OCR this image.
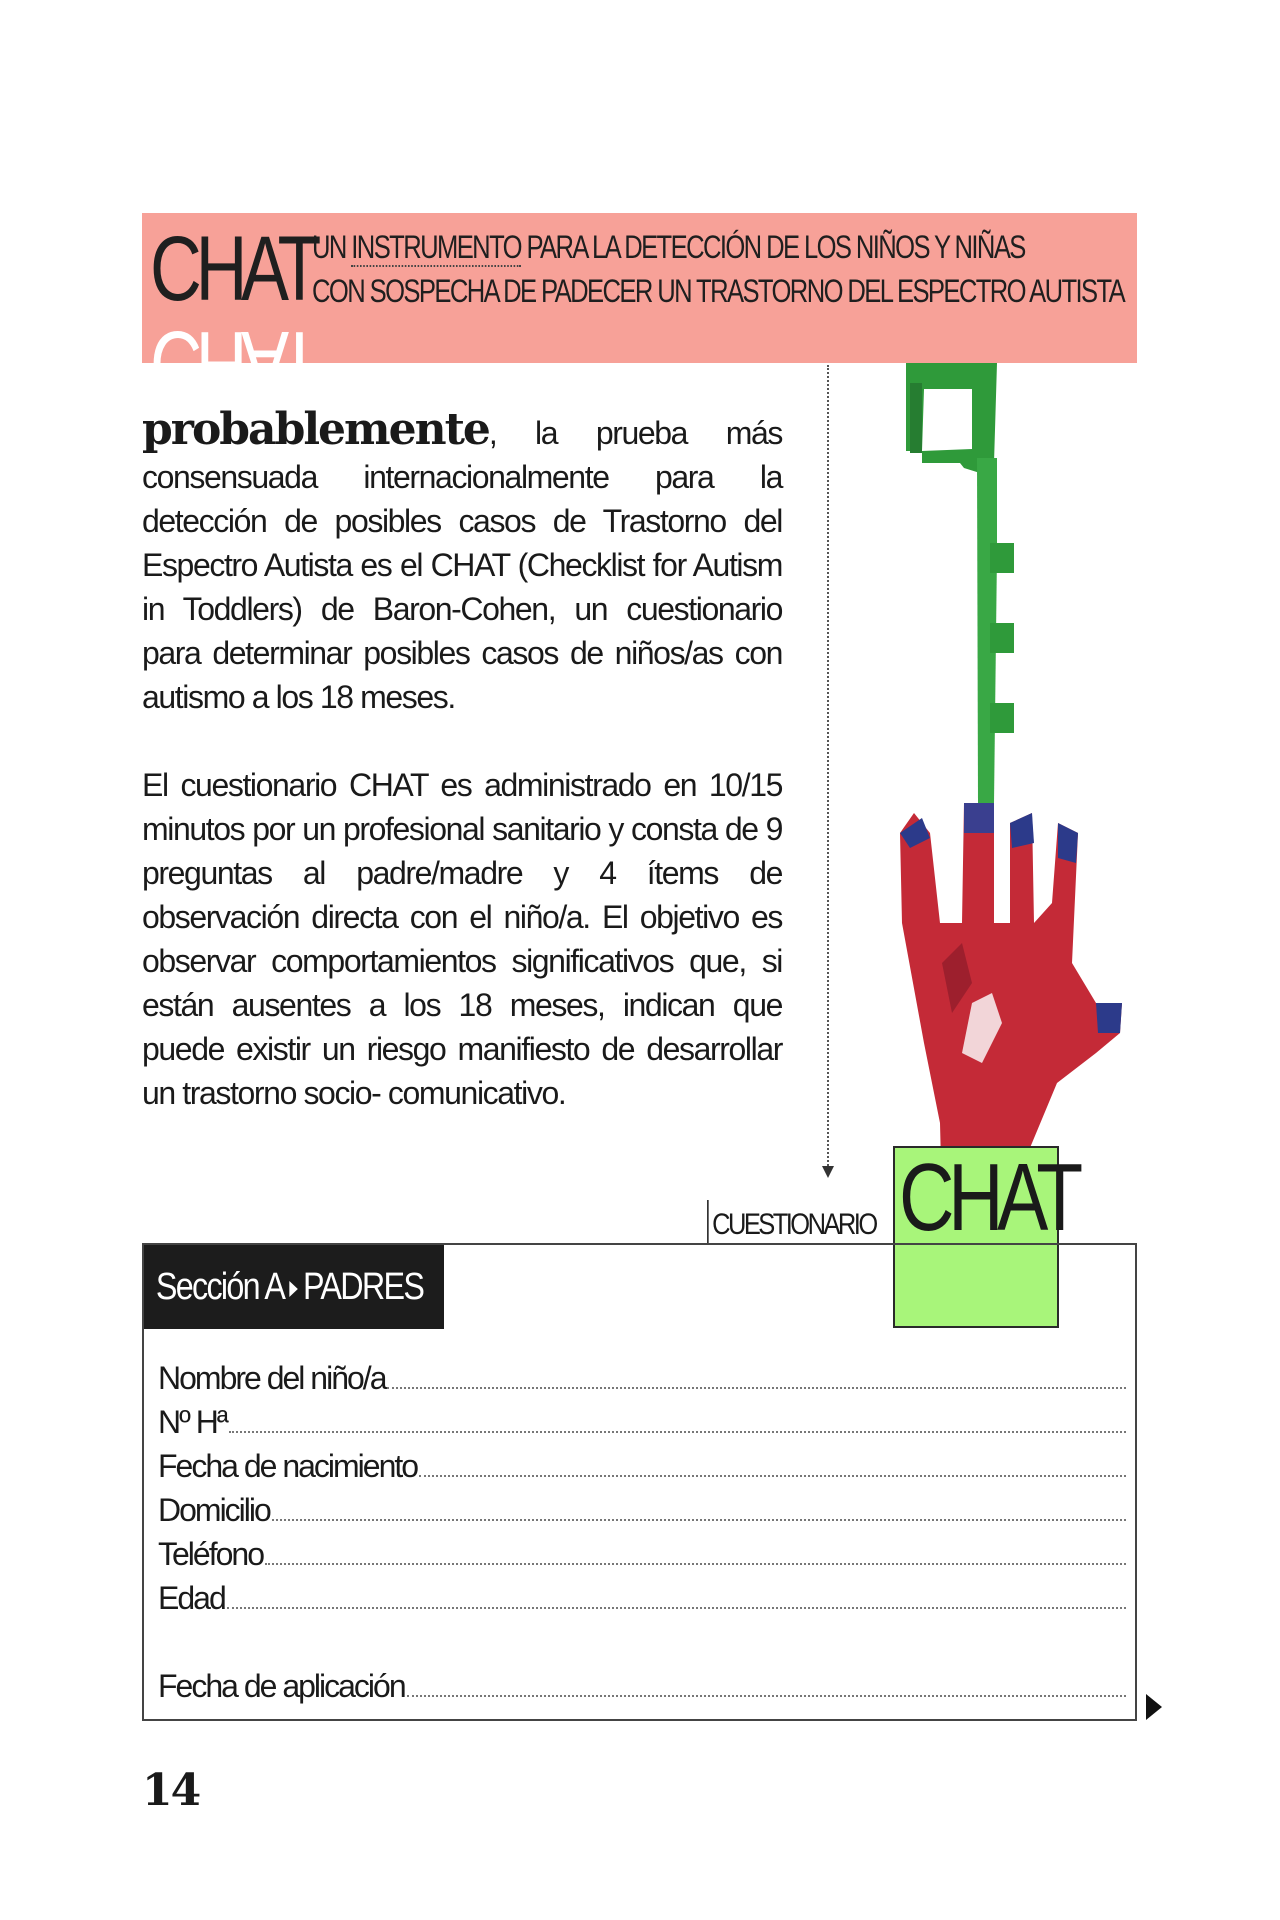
CHAT
CHAT
UN INSTRUMENTO PARA LA DETECCIÓN DE LOS NIÑOS Y NIÑAS
CON SOSPECHA DE PADECER UN TRASTORNO DEL ESPECTRO AUTISTA

probablemente, la prueba más consensuada internacionalmente para la detección de posibles casos de Trastorno del Espectro Autista es el CHAT (Checklist for Autism in Toddlers) de Baron-Cohen, un cuestionario para determinar posibles casos de niños/as con autismo a los 18 meses.

El cuestionario CHAT es administrado en 10/15 minutos por un profesional sanitario y consta de 9 preguntas al padre/madre y 4 ítems de observación directa con el niño/a. El objetivo es observar comportamientos significativos que, si están ausentes a los 18 meses, indican que puede existir un riesgo manifiesto de desarrollar un trastorno socio- comunicativo.

CUESTIONARIO CHAT
Sección A PADRES
Nombre del niño/a
Nº Hª
Fecha de nacimiento
Domicilio
Teléfono
Edad
Fecha de aplicación
14
